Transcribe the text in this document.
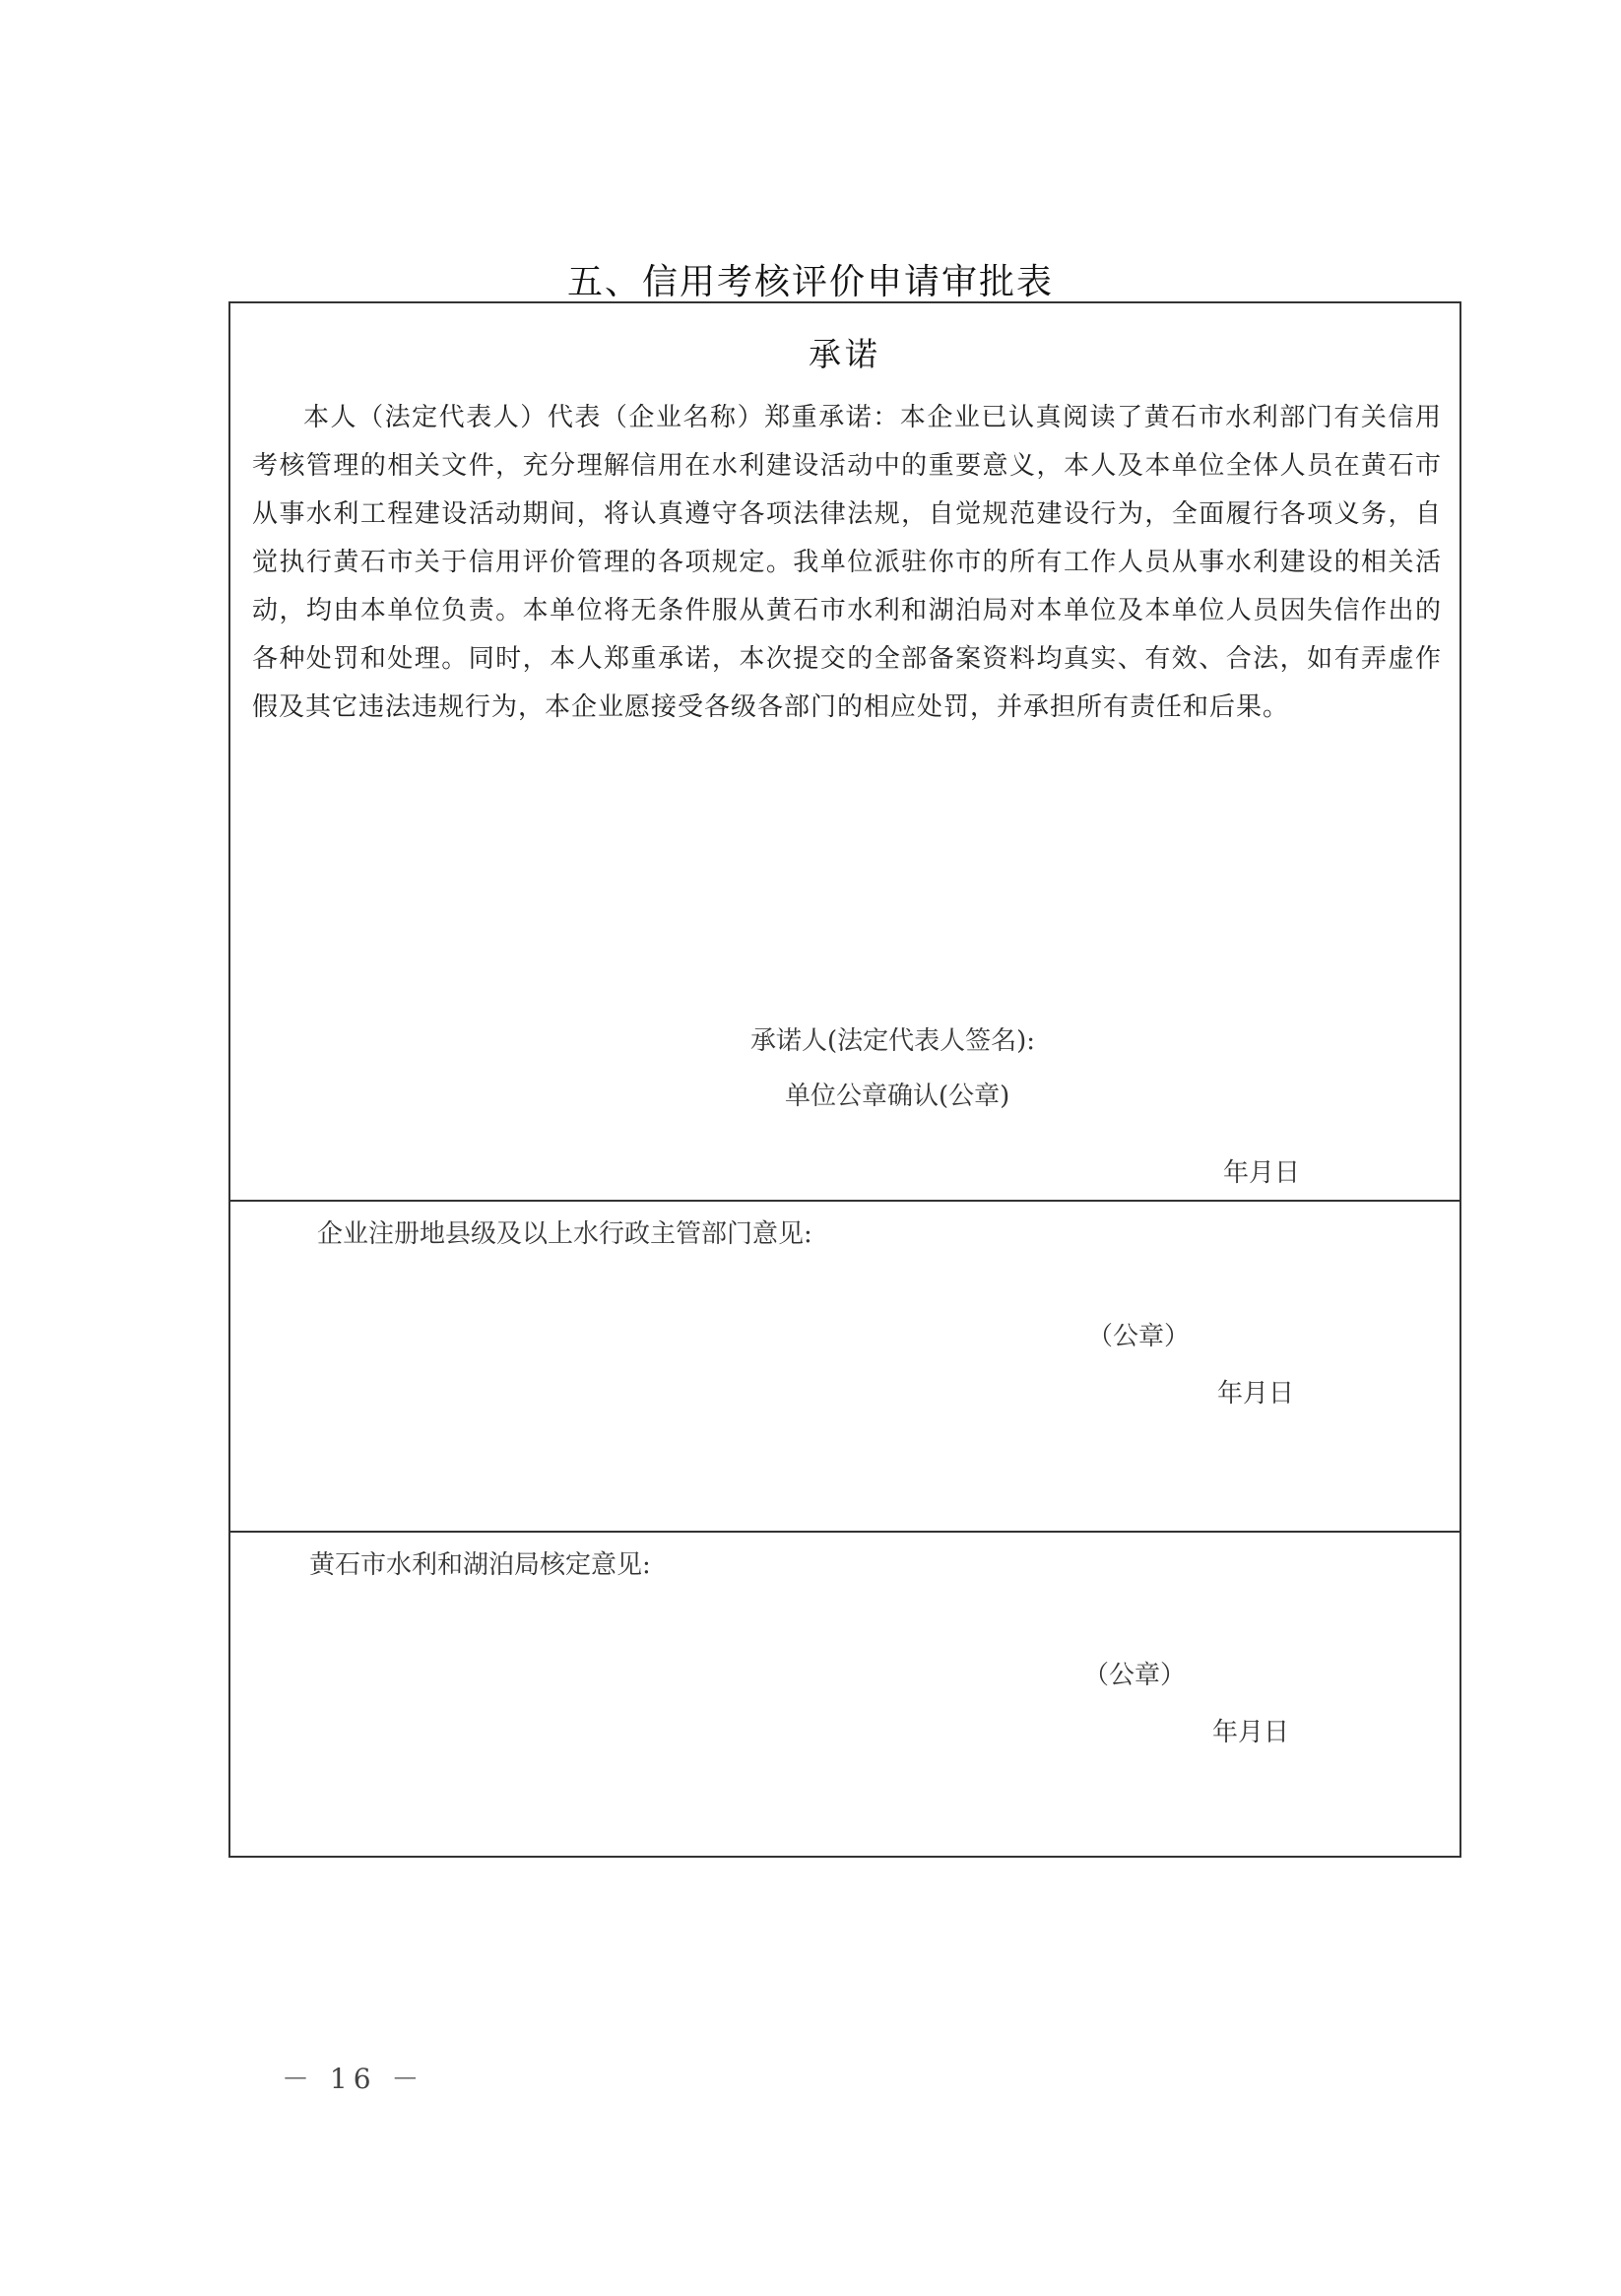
五、信用考核评价申请审批表
承诺

本人（法定代表人）代表（企业名称）郑重承诺：本企业已认真阅读了黄石市水利部门有关信用考核管理的相关文件，充分理解信用在水利建设活动中的重要意义，本人及本单位全体人员在黄石市从事水利工程建设活动期间，将认真遵守各项法律法规，自觉规范建设行为，全面履行各项义务，自觉执行黄石市关于信用评价管理的各项规定。我单位派驻你市的所有工作人员从事水利建设的相关活动，均由本单位负责。本单位将无条件服从黄石市水利和湖泊局对本单位及本单位人员因失信作出的各种处罚和处理。同时，本人郑重承诺，本次提交的全部备案资料均真实、有效、合法，如有弄虚作假及其它违法违规行为，本企业愿接受各级各部门的相应处罚，并承担所有责任和后果。

承诺人(法定代表人签名):
单位公章确认(公章)
年月日
企业注册地县级及以上水行政主管部门意见:
（公章）
年月日
黄石市水利和湖泊局核定意见:
（公章）
年月日
－ 16 －
